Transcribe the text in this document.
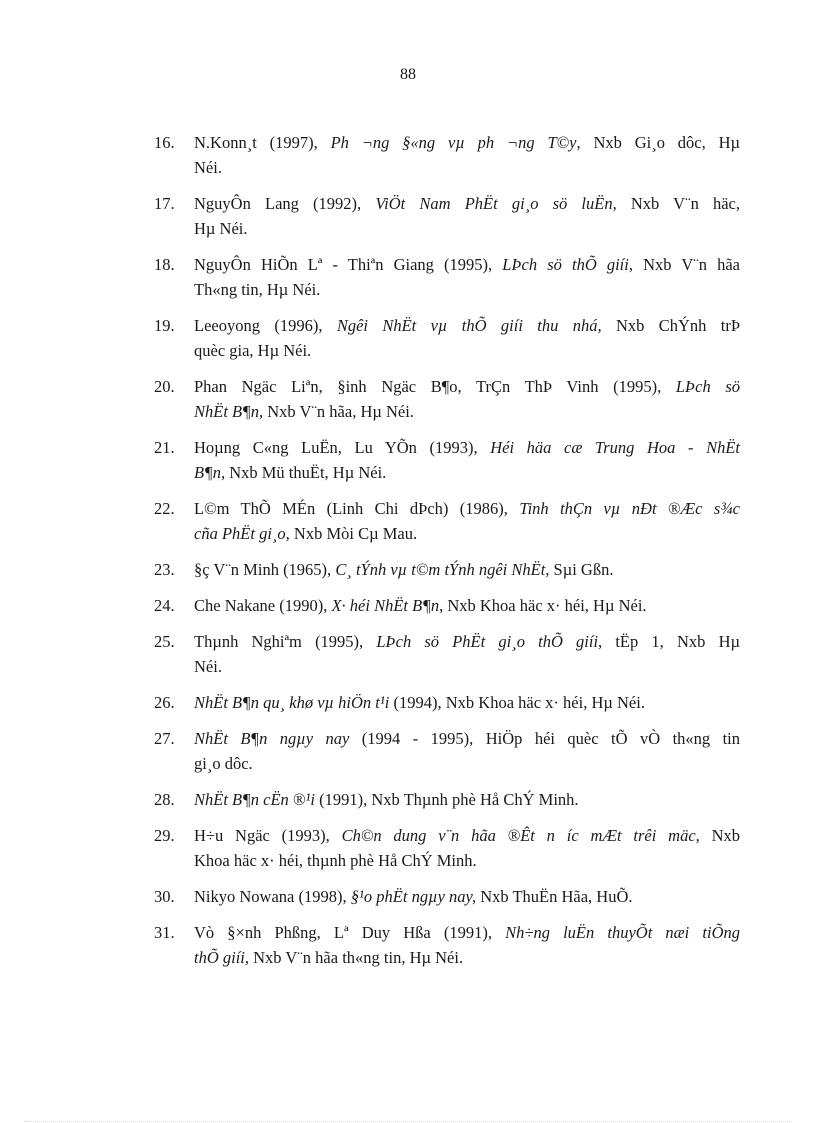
88
16.	N.Konn¸t (1997), Ph ¬ng §«ng vµ ph ¬ng T©y, Nxb Gi¸o dôc, Hµ
Néi.
17.	NguyÔn Lang (1992), ViÖt Nam PhËt gi¸o sö luËn, Nxb V¨n häc,
Hµ Néi.
18.	NguyÔn HiÕn Lª - Thiªn Giang (1995), LÞch sö thÕ giíi, Nxb V¨n hãa
Th«ng tin, Hµ Néi.
19.	Leeoyong (1996), Ngêi NhËt vµ thÕ giíi thu nhá, Nxb ChÝnh trÞ
quèc gia, Hµ Néi.
20.	Phan Ngäc Liªn, §inh Ngäc B¶o, TrÇn ThÞ Vinh (1995), LÞch sö
NhËt B¶n, Nxb V¨n hãa, Hµ Néi.
21.	Hoµng C«ng LuËn, Lu YÕn (1993), Héi häa cæ Trung Hoa - NhËt
B¶n, Nxb Mü thuËt, Hµ Néi.
22.	L©m ThÕ MÉn (Linh Chi dÞch) (1986), Tinh thÇn vµ nÐt ®Æc s¾c
cña PhËt gi¸o, Nxb Mòi Cµ Mau.
23.	§ç V¨n Minh (1965), C¸ tÝnh vµ t©m tÝnh ngêi NhËt, Sµi Gßn.
24.	Che Nakane (1990), X· héi NhËt B¶n, Nxb Khoa häc x· héi, Hµ Néi.
25.	Thµnh Nghiªm (1995), LÞch sö PhËt gi¸o thÕ giíi, tËp 1, Nxb Hµ
Néi.
26.	NhËt B¶n qu¸ khø vµ hiÖn t¹i (1994), Nxb Khoa häc x· héi, Hµ Néi.
27.	NhËt B¶n ngµy nay (1994 - 1995), HiÖp héi quèc tÕ vÒ th«ng tin
gi¸o dôc.
28.	NhËt B¶n cËn ®¹i (1991), Nxb Thµnh phè Hå ChÝ Minh.
29.	H÷u Ngäc (1993), Ch©n dung v¨n hãa ®Êt n íc mÆt trêi mäc, Nxb
Khoa häc x· héi, thµnh phè Hå ChÝ Minh.
30.	Nikyo Nowana (1998), §¹o phËt ngµy nay, Nxb ThuËn Hãa, HuÕ.
31.	Vò §×nh Phßng, Lª Duy Hßa (1991), Nh÷ng luËn thuyÕt næi tiÕng
thÕ giíi, Nxb V¨n hãa th«ng tin, Hµ Néi.
